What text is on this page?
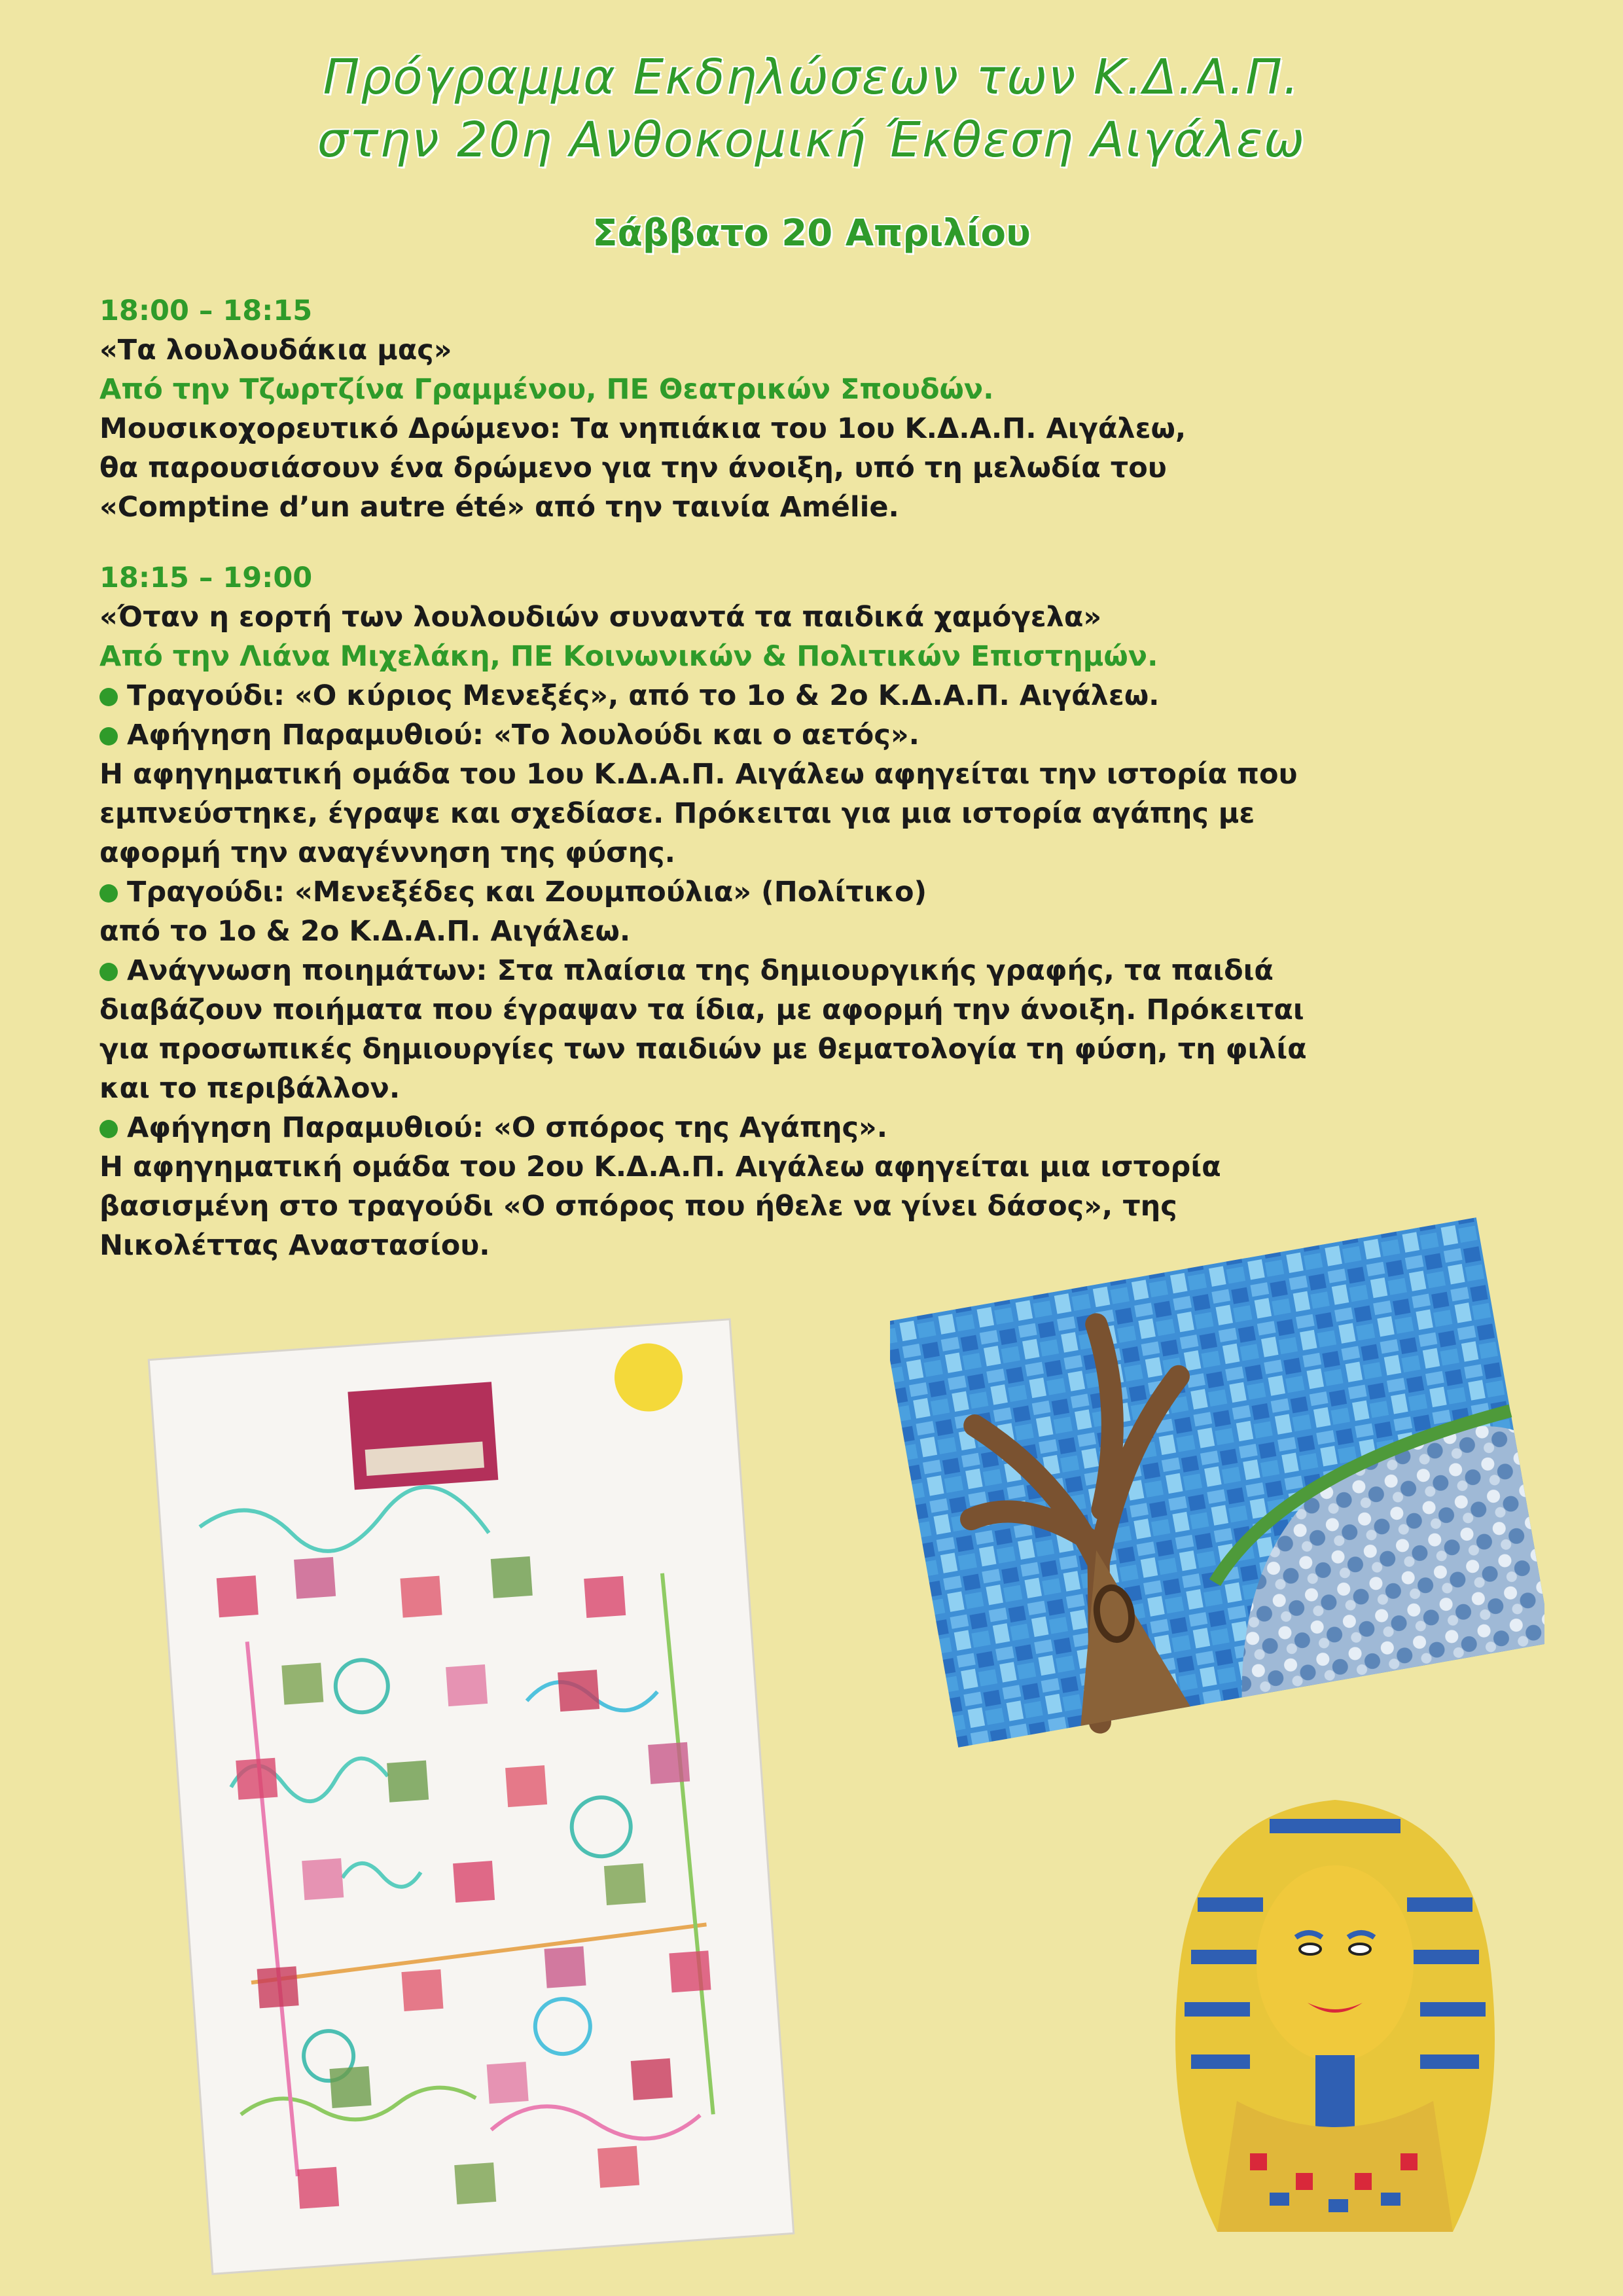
Πρόγραμμα Εκδηλώσεων των Κ.Δ.Α.Π.
στην 20η Ανθοκομική Έκθεση Αιγάλεω
Σάββατο 20 Απριλίου
18:00 – 18:15
«Τα λουλουδάκια μας»
Από την Τζωρτζίνα Γραμμένου, ΠΕ Θεατρικών Σπουδών.
Μουσικοχορευτικό Δρώμενο: Τα νηπιάκια του 1ου Κ.Δ.Α.Π. Αιγάλεω,
θα παρουσιάσουν ένα δρώμενο για την άνοιξη, υπό τη μελωδία του
«Comptine d’un autre été» από την ταινία Amélie.
18:15 – 19:00
«Όταν η εορτή των λουλουδιών συναντά τα παιδικά χαμόγελα»
Από την Λιάνα Μιχελάκη, ΠΕ Κοινωνικών & Πολιτικών Επιστημών.
Τραγούδι: «Ο κύριος Μενεξές», από το 1ο & 2ο Κ.Δ.Α.Π. Αιγάλεω.
Αφήγηση Παραμυθιού: «Το λουλούδι και ο αετός».
Η αφηγηματική ομάδα του 1ου Κ.Δ.Α.Π. Αιγάλεω αφηγείται την ιστορία που
εμπνεύστηκε, έγραψε και σχεδίασε. Πρόκειται για μια ιστορία αγάπης με
αφορμή την αναγέννηση της φύσης.
Τραγούδι: «Μενεξέδες και Ζουμπούλια» (Πολίτικο)
από το 1ο & 2ο Κ.Δ.Α.Π. Αιγάλεω.
Ανάγνωση ποιημάτων: Στα πλαίσια της δημιουργικής γραφής, τα παιδιά
διαβάζουν ποιήματα που έγραψαν τα ίδια, με αφορμή την άνοιξη. Πρόκειται
για προσωπικές δημιουργίες των παιδιών με θεματολογία τη φύση, τη φιλία
και το περιβάλλον.
Αφήγηση Παραμυθιού: «Ο σπόρος της Αγάπης».
Η αφηγηματική ομάδα του 2ου Κ.Δ.Α.Π. Αιγάλεω αφηγείται μια ιστορία
βασισμένη στο τραγούδι «Ο σπόρος που ήθελε να γίνει δάσος», της
Νικολέττας Αναστασίου.
